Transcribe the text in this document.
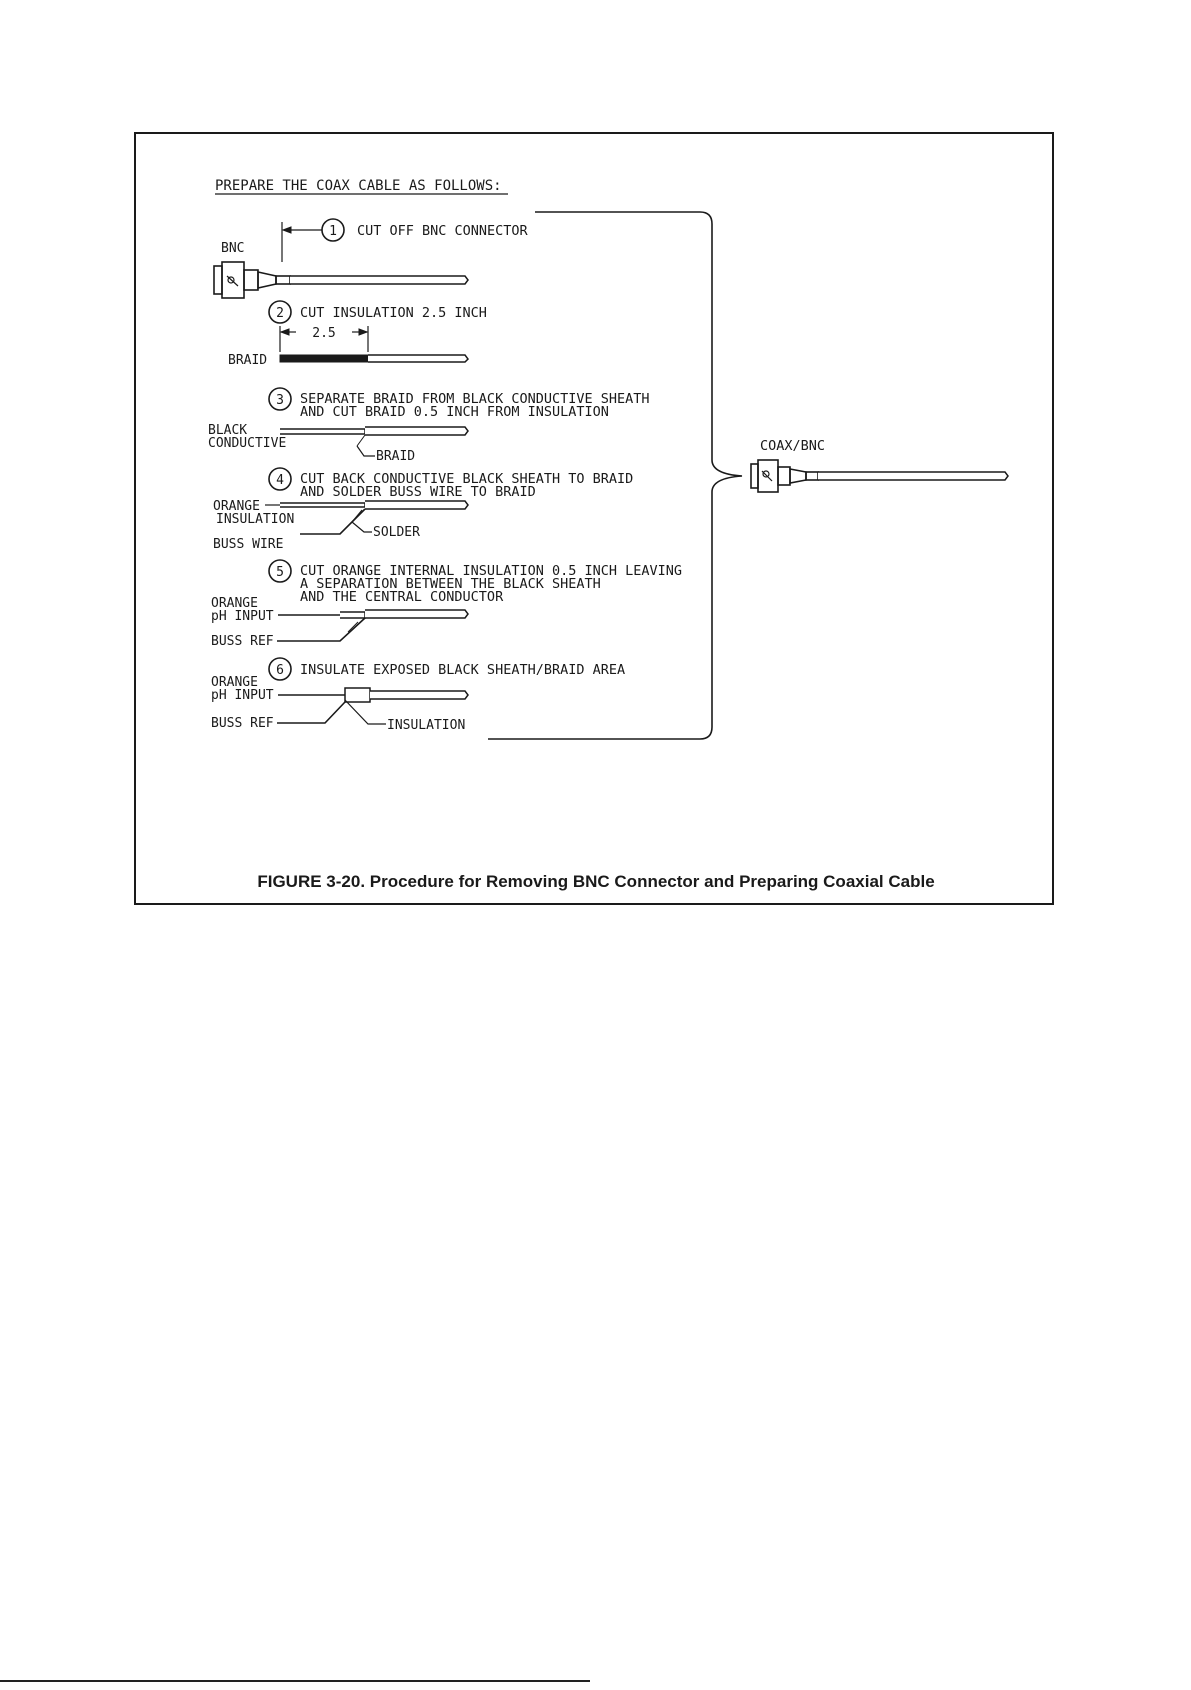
PREPARE THE COAX CABLE AS FOLLOWS:
1 CUT OFF BNC CONNECTOR
BNC
2 CUT INSULATION 2.5 INCH
2.5
BRAID
3 SEPARATE BRAID FROM BLACK CONDUCTIVE SHEATH
AND CUT BRAID 0.5 INCH FROM INSULATION
BLACK
CONDUCTIVE
BRAID
4 CUT BACK CONDUCTIVE BLACK SHEATH TO BRAID
AND SOLDER BUSS WIRE TO BRAID
ORANGE
INSULATION
SOLDER
BUSS WIRE
5 CUT ORANGE INTERNAL INSULATION 0.5 INCH LEAVING
A SEPARATION BETWEEN THE BLACK SHEATH
AND THE CENTRAL CONDUCTOR
ORANGE
pH INPUT
BUSS REF
6 INSULATE EXPOSED BLACK SHEATH/BRAID AREA
ORANGE
pH INPUT
BUSS REF	INSULATION
COAX/BNC
FIGURE 3-20. Procedure for Removing BNC Connector and Preparing Coaxial Cable
